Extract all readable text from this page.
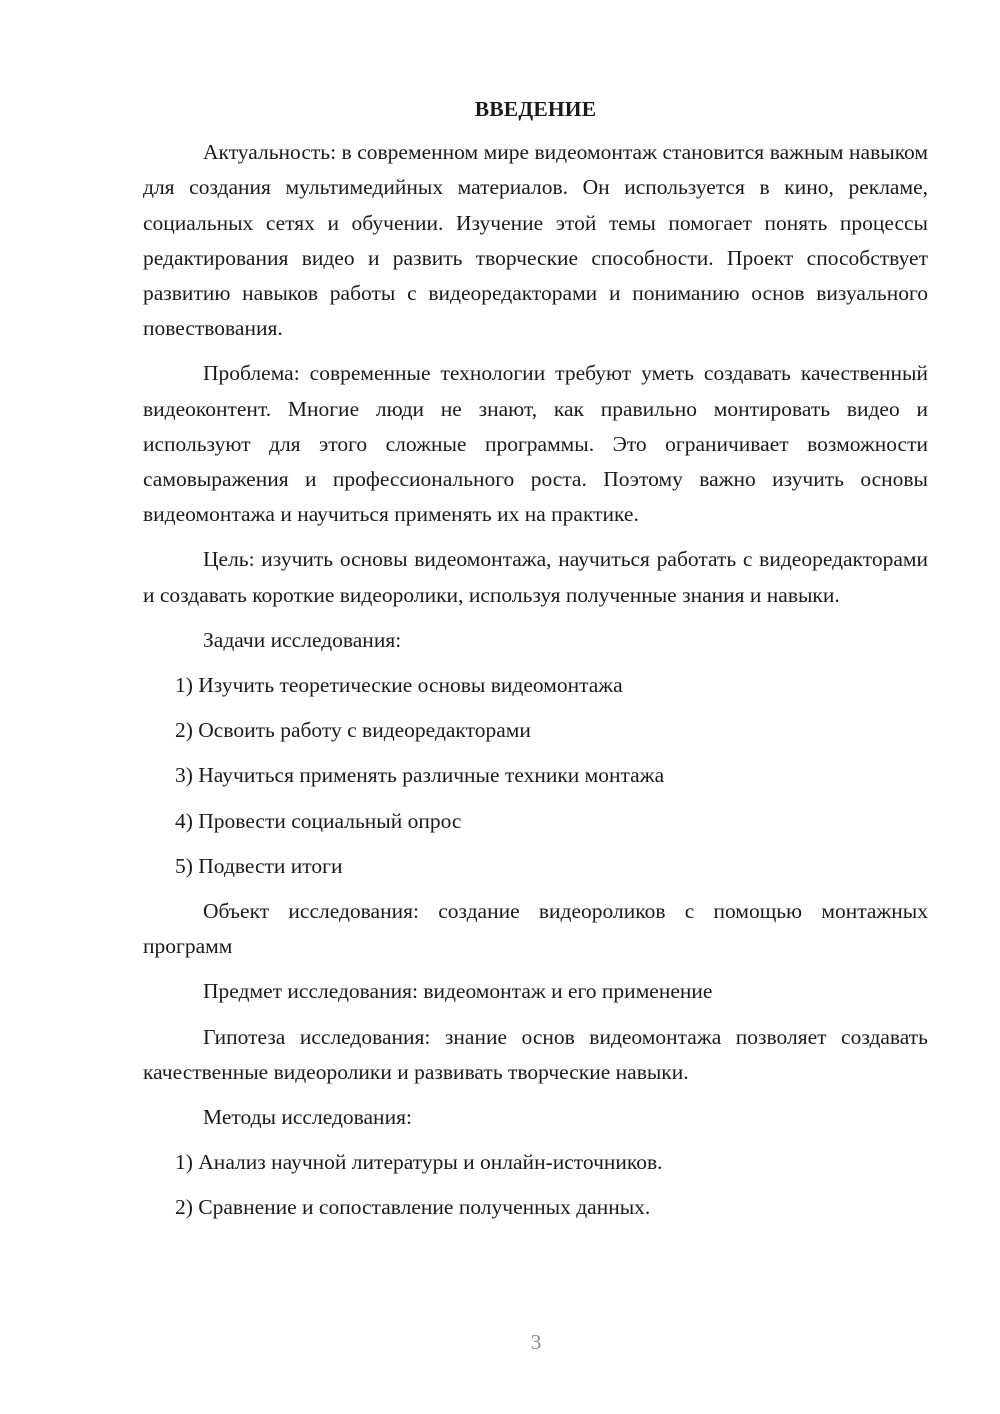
ВВЕДЕНИЕ

Актуальность: в современном мире видеомонтаж становится важным навыком для создания мультимедийных материалов. Он используется в кино, рекламе, социальных сетях и обучении. Изучение этой темы помогает понять процессы редактирования видео и развить творческие способности. Проект способствует развитию навыков работы с видеоредакторами и пониманию основ визуального повествования.

Проблема: современные технологии требуют уметь создавать качественный видеоконтент. Многие люди не знают, как правильно монтировать видео и используют для этого сложные программы. Это ограничивает возможности самовыражения и профессионального роста. Поэтому важно изучить основы видеомонтажа и научиться применять их на практике.

Цель: изучить основы видеомонтажа, научиться работать с видеоредакторами и создавать короткие видеоролики, используя полученные знания и навыки.

Задачи исследования:

1) Изучить теоретические основы видеомонтажа
2) Освоить работу с видеоредакторами
3) Научиться применять различные техники монтажа
4) Провести социальный опрос
5) Подвести итоги

Объект исследования: создание видеороликов с помощью монтажных программ

Предмет исследования: видеомонтаж и его применение

Гипотеза исследования: знание основ видеомонтажа позволяет создавать качественные видеоролики и развивать творческие навыки.

Методы исследования:

1) Анализ научной литературы и онлайн-источников.
2) Сравнение и сопоставление полученных данных.
3
